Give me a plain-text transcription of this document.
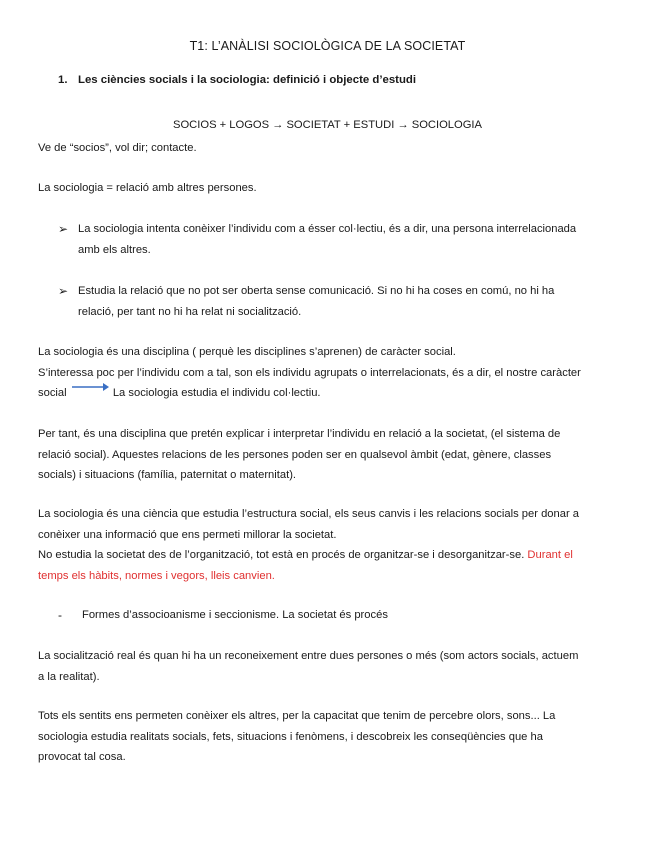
T1: L’ANÀLISI SOCIOLÒGICA DE LA SOCIETAT
1. Les ciències socials i la sociologia: definició i objecte d’estudi
SOCIOS + LOGOS → SOCIETAT + ESTUDI → SOCIOLOGIA
Ve de “socios”, vol dir; contacte.
La sociologia = relació amb altres persones.
➢ La sociologia intenta conèixer l’individu com a ésser col·lectiu, és a dir, una persona interrelacionada
amb els altres.
➢ Estudia la relació que no pot ser oberta sense comunicació. Si no hi ha coses en comú, no hi ha
relació, per tant no hi ha relat ni socialització.
La sociologia és una disciplina ( perquè les disciplines s’aprenen) de caràcter social.
S’interessa poc per l’individu com a tal, son els individu agrupats o interrelacionats, és a dir, el nostre caràcter
social	La sociologia estudia el individu col·lectiu.
Per tant, és una disciplina que pretén explicar i interpretar l’individu en relació a la societat, (el sistema de
relació social). Aquestes relacions de les persones poden ser en qualsevol àmbit (edat, gènere, classes
socials) i situacions (família, paternitat o maternitat).
La sociologia és una ciència que estudia l’estructura social, els seus canvis i les relacions socials per donar a
conèixer una informació que ens permeti millorar la societat.
No estudia la societat des de l’organització, tot està en procés de organitzar-se i desorganitzar-se. Durant el
temps els hàbits, normes i vegors, lleis canvien.
-	Formes d’associoanisme i seccionisme. La societat és procés
La socialització real és quan hi ha un reconeixement entre dues persones o més (som actors socials, actuem
a la realitat).
Tots els sentits ens permeten conèixer els altres, per la capacitat que tenim de percebre olors, sons... La
sociologia estudia realitats socials, fets, situacions i fenòmens, i descobreix les conseqüències que ha
provocat tal cosa.
